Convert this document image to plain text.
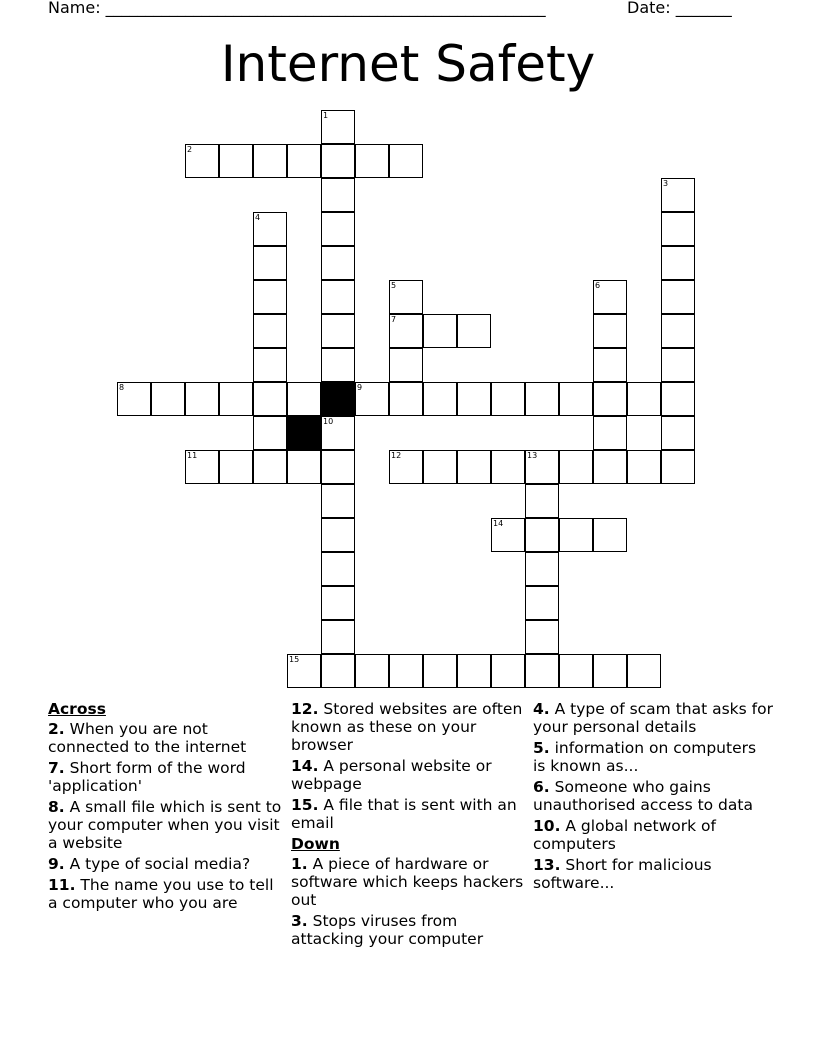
Name: _______________________________________________________	Date: _______
Internet Safety
2
7
8	9
11	12	13
14
15
1
3
4
5	6
10
Across
2. When you are not connected to the internet
7. Short form of the word 'application'
8. A small file which is sent to your computer when you visit a website
9. A type of social media?
11. The name you use to tell a computer who you are
12. Stored websites are often known as these on your browser
14. A personal website or webpage
15. A file that is sent with an email
Down
1. A piece of hardware or software which keeps hackers out
3. Stops viruses from attacking your computer
4. A type of scam that asks for your personal details
5. information on computers is known as...
6. Someone who gains unauthorised access to data
10. A global network of computers
13. Short for malicious software...
